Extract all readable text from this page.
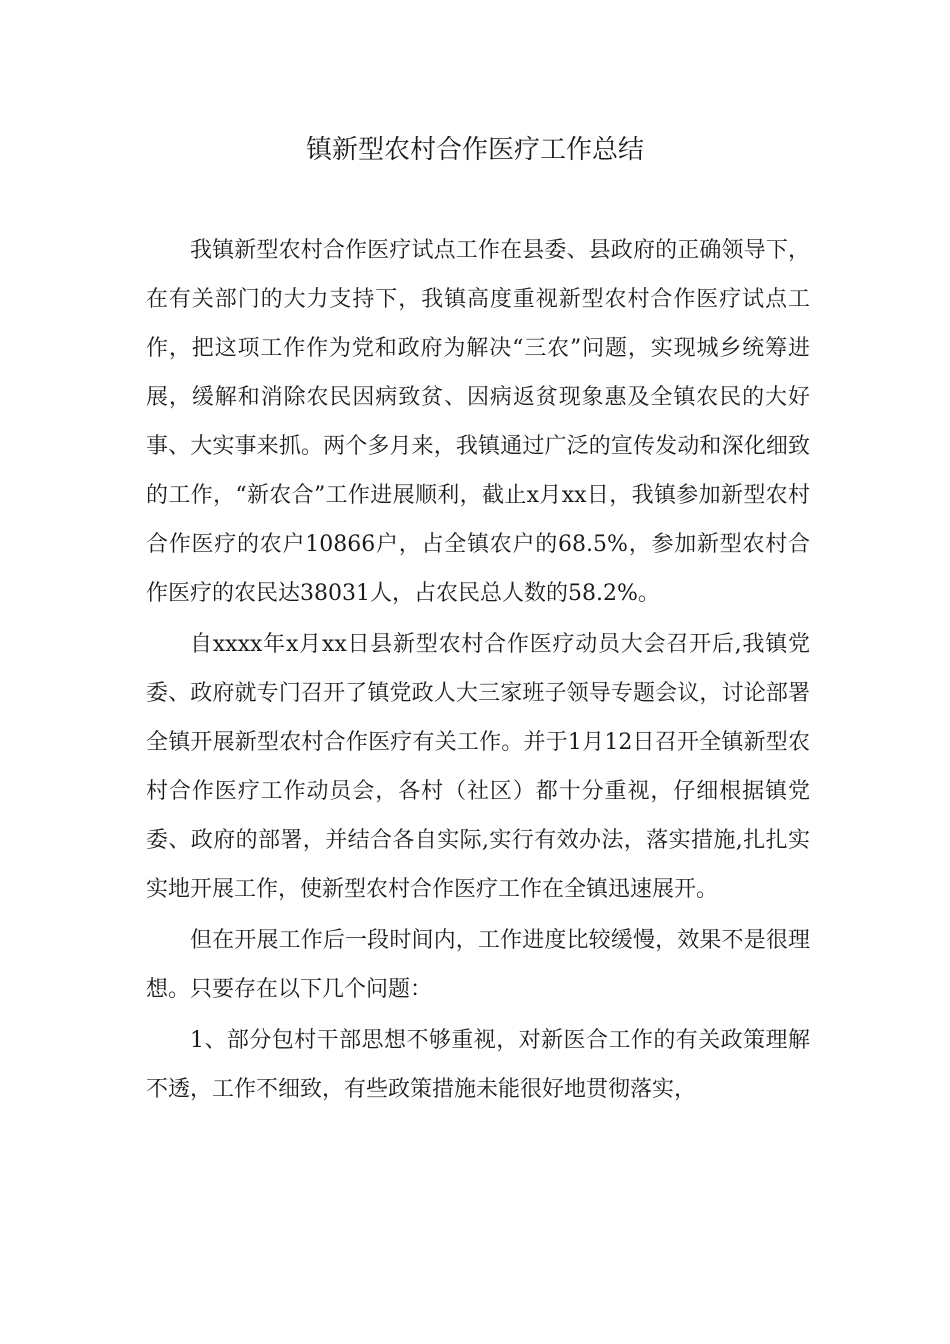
镇新型农村合作医疗工作总结

我镇新型农村合作医疗试点工作在县委、县政府的正确领导下，在有关部门的大力支持下，我镇高度重视新型农村合作医疗试点工作，把这项工作作为党和政府为解决“三农”问题，实现城乡统筹进展，缓解和消除农民因病致贫、因病返贫现象惠及全镇农民的大好事、大实事来抓。两个多月来，我镇通过广泛的宣传发动和深化细致的工作，“新农合”工作进展顺利，截止x月xx日，我镇参加新型农村合作医疗的农户10866户，占全镇农户的68.5%，参加新型农村合作医疗的农民达38031人，占农民总人数的58.2%。

自xxxx年x月xx日县新型农村合作医疗动员大会召开后,我镇党委、政府就专门召开了镇党政人大三家班子领导专题会议，讨论部署全镇开展新型农村合作医疗有关工作。并于1月12日召开全镇新型农村合作医疗工作动员会，各村（社区）都十分重视，仔细根据镇党委、政府的部署，并结合各自实际,实行有效办法，落实措施,扎扎实实地开展工作，使新型农村合作医疗工作在全镇迅速展开。

但在开展工作后一段时间内，工作进度比较缓慢，效果不是很理想。只要存在以下几个问题：

1、部分包村干部思想不够重视，对新医合工作的有关政策理解不透，工作不细致，有些政策措施未能很好地贯彻落实，
